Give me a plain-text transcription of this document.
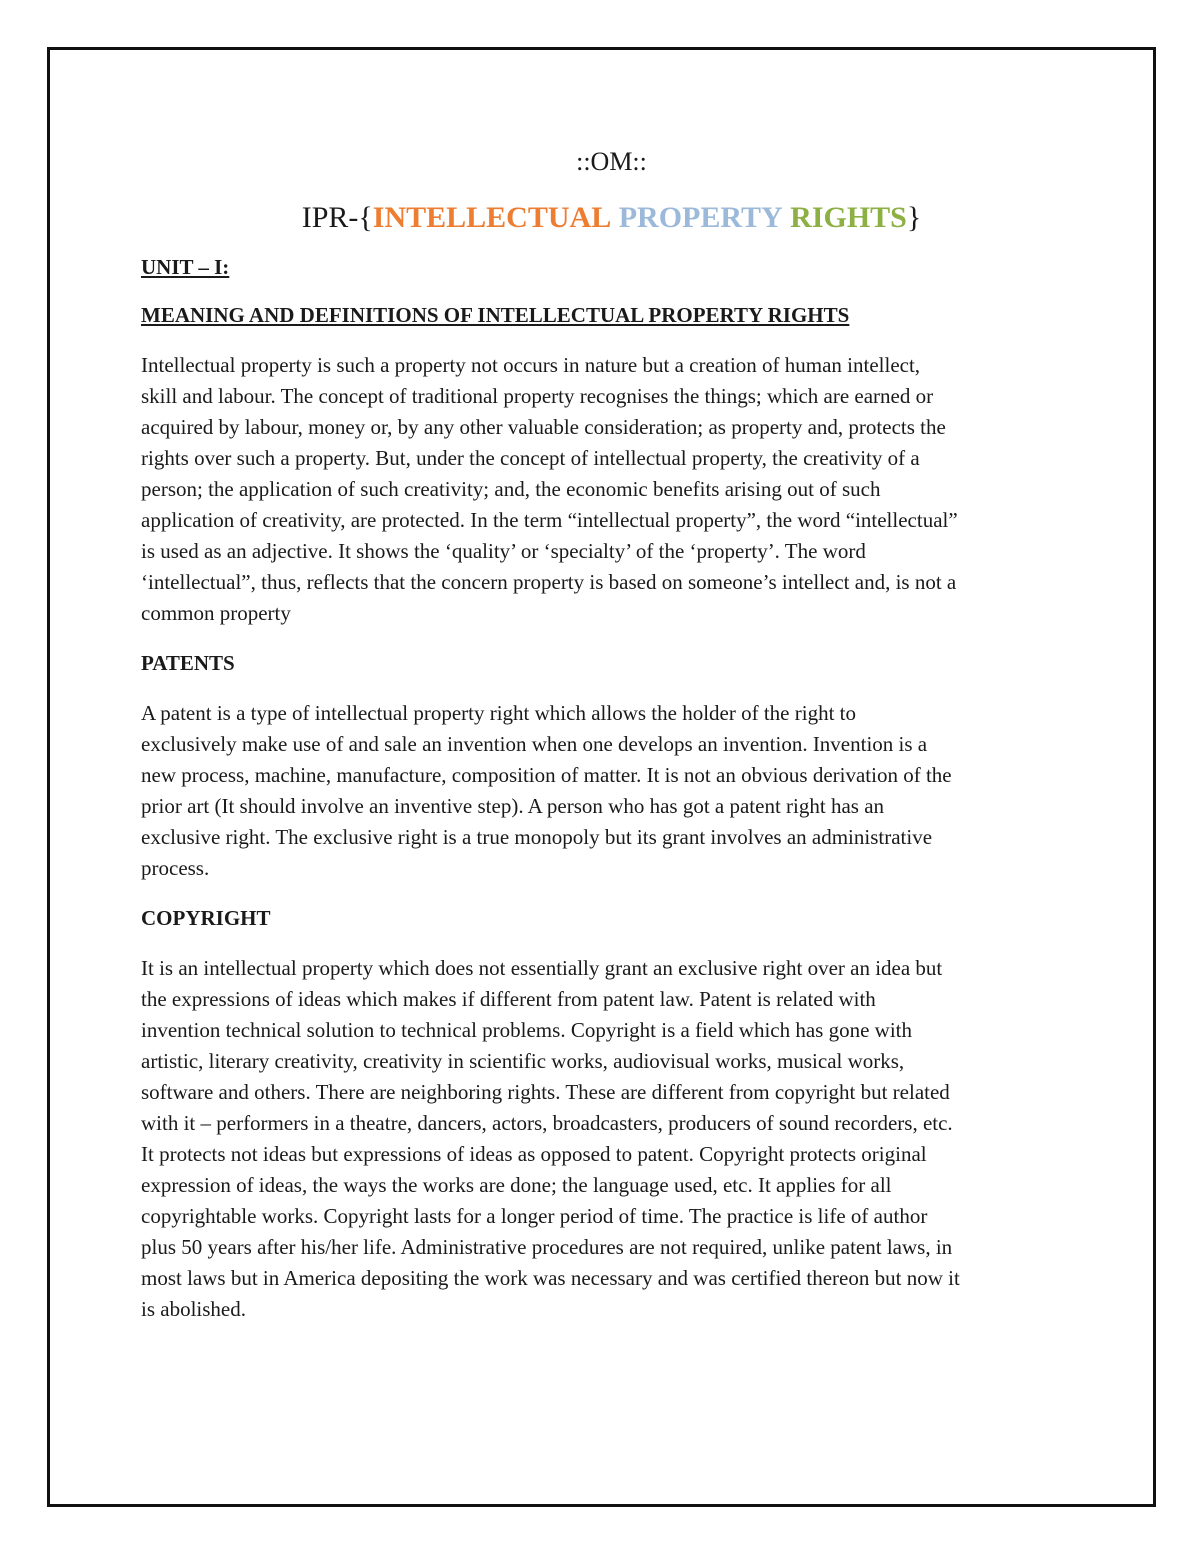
::OM::

IPR-{INTELLECTUAL PROPERTY RIGHTS}

UNIT – I:

MEANING AND DEFINITIONS OF INTELLECTUAL PROPERTY RIGHTS

Intellectual property is such a property not occurs in nature but a creation of human intellect,
skill and labour. The concept of traditional property recognises the things; which are earned or
acquired by labour, money or, by any other valuable consideration; as property and, protects the
rights over such a property. But, under the concept of intellectual property, the creativity of a
person; the application of such creativity; and, the economic benefits arising out of such
application of creativity, are protected. In the term “intellectual property”, the word “intellectual”
is used as an adjective. It shows the ‘quality’ or ‘specialty’ of the ‘property’. The word
‘intellectual”, thus, reflects that the concern property is based on someone’s intellect and, is not a
common property

PATENTS

A patent is a type of intellectual property right which allows the holder of the right to
exclusively make use of and sale an invention when one develops an invention. Invention is a
new process, machine, manufacture, composition of matter. It is not an obvious derivation of the
prior art (It should involve an inventive step). A person who has got a patent right has an
exclusive right. The exclusive right is a true monopoly but its grant involves an administrative
process.

COPYRIGHT

It is an intellectual property which does not essentially grant an exclusive right over an idea but
the expressions of ideas which makes if different from patent law. Patent is related with
invention technical solution to technical problems. Copyright is a field which has gone with
artistic, literary creativity, creativity in scientific works, audiovisual works, musical works,
software and others. There are neighboring rights. These are different from copyright but related
with it – performers in a theatre, dancers, actors, broadcasters, producers of sound recorders, etc.
It protects not ideas but expressions of ideas as opposed to patent. Copyright protects original
expression of ideas, the ways the works are done; the language used, etc. It applies for all
copyrightable works. Copyright lasts for a longer period of time. The practice is life of author
plus 50 years after his/her life. Administrative procedures are not required, unlike patent laws, in
most laws but in America depositing the work was necessary and was certified thereon but now it
is abolished.
